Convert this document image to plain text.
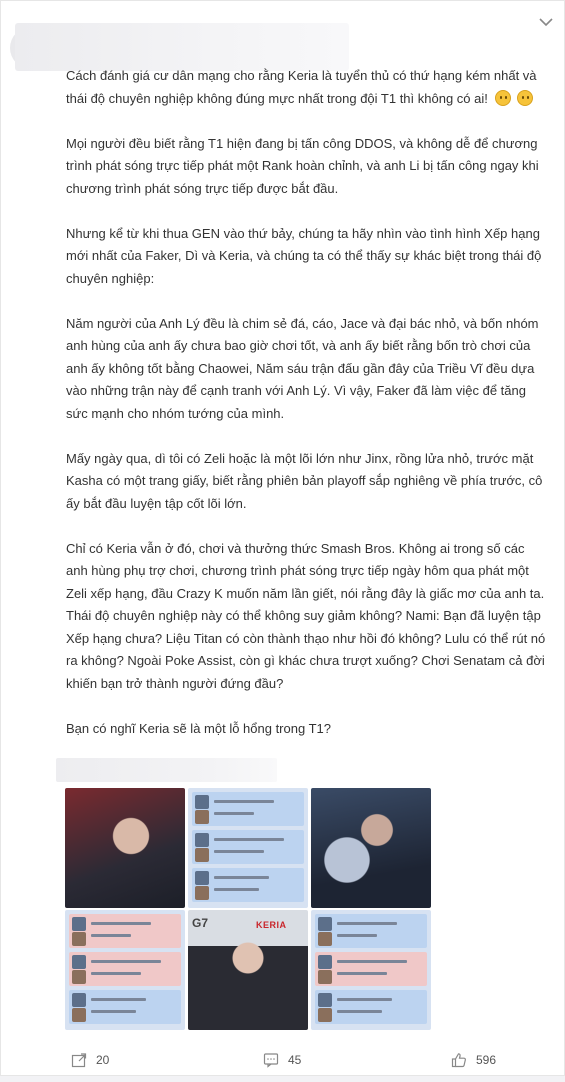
Cách đánh giá cư dân mạng cho rằng Keria là tuyển thủ có thứ hạng kém nhất và thái độ chuyên nghiệp không đúng mực nhất trong đội T1 thì không có ai!

Mọi người đều biết rằng T1 hiện đang bị tấn công DDOS, và không dễ để chương trình phát sóng trực tiếp phát một Rank hoàn chỉnh, và anh Li bị tấn công ngay khi chương trình phát sóng trực tiếp được bắt đầu.

Nhưng kể từ khi thua GEN vào thứ bảy, chúng ta hãy nhìn vào tình hình Xếp hạng mới nhất của Faker, Dì và Keria, và chúng ta có thể thấy sự khác biệt trong thái độ chuyên nghiệp:

Năm người của Anh Lý đều là chim sẻ đá, cáo, Jace và đại bác nhỏ, và bốn nhóm anh hùng của anh ấy chưa bao giờ chơi tốt, và anh ấy biết rằng bốn trò chơi của anh ấy không tốt bằng Chaowei, Năm sáu trận đấu gần đây của Triều Vĩ đều dựa vào những trận này để cạnh tranh với Anh Lý. Vì vậy, Faker đã làm việc để tăng sức mạnh cho nhóm tướng của mình.

Mấy ngày qua, dì tôi có Zeli hoặc là một lõi lớn như Jinx, rồng lửa nhỏ, trước mặt Kasha có một trang giấy, biết rằng phiên bản playoff sắp nghiêng về phía trước, cô ấy bắt đầu luyện tập cốt lõi lớn.

Chỉ có Keria vẫn ở đó, chơi và thưởng thức Smash Bros. Không ai trong số các anh hùng phụ trợ chơi, chương trình phát sóng trực tiếp ngày hôm qua phát một Zeli xếp hạng, đầu Crazy K muốn năm lần giết, nói rằng đây là giấc mơ của anh ta. Thái độ chuyên nghiệp này có thể không suy giảm không? Nami: Bạn đã luyện tập Xếp hạng chưa? Liệu Titan có còn thành thạo như hồi đó không? Lulu có thể rút nó ra không? Ngoài Poke Assist, còn gì khác chưa trượt xuống? Chơi Senatam cả đời khiến bạn trở thành người đứng đầu?

Bạn có nghĩ Keria sẽ là một lỗ hổng trong T1?

G7	KERIA
20	45	596
